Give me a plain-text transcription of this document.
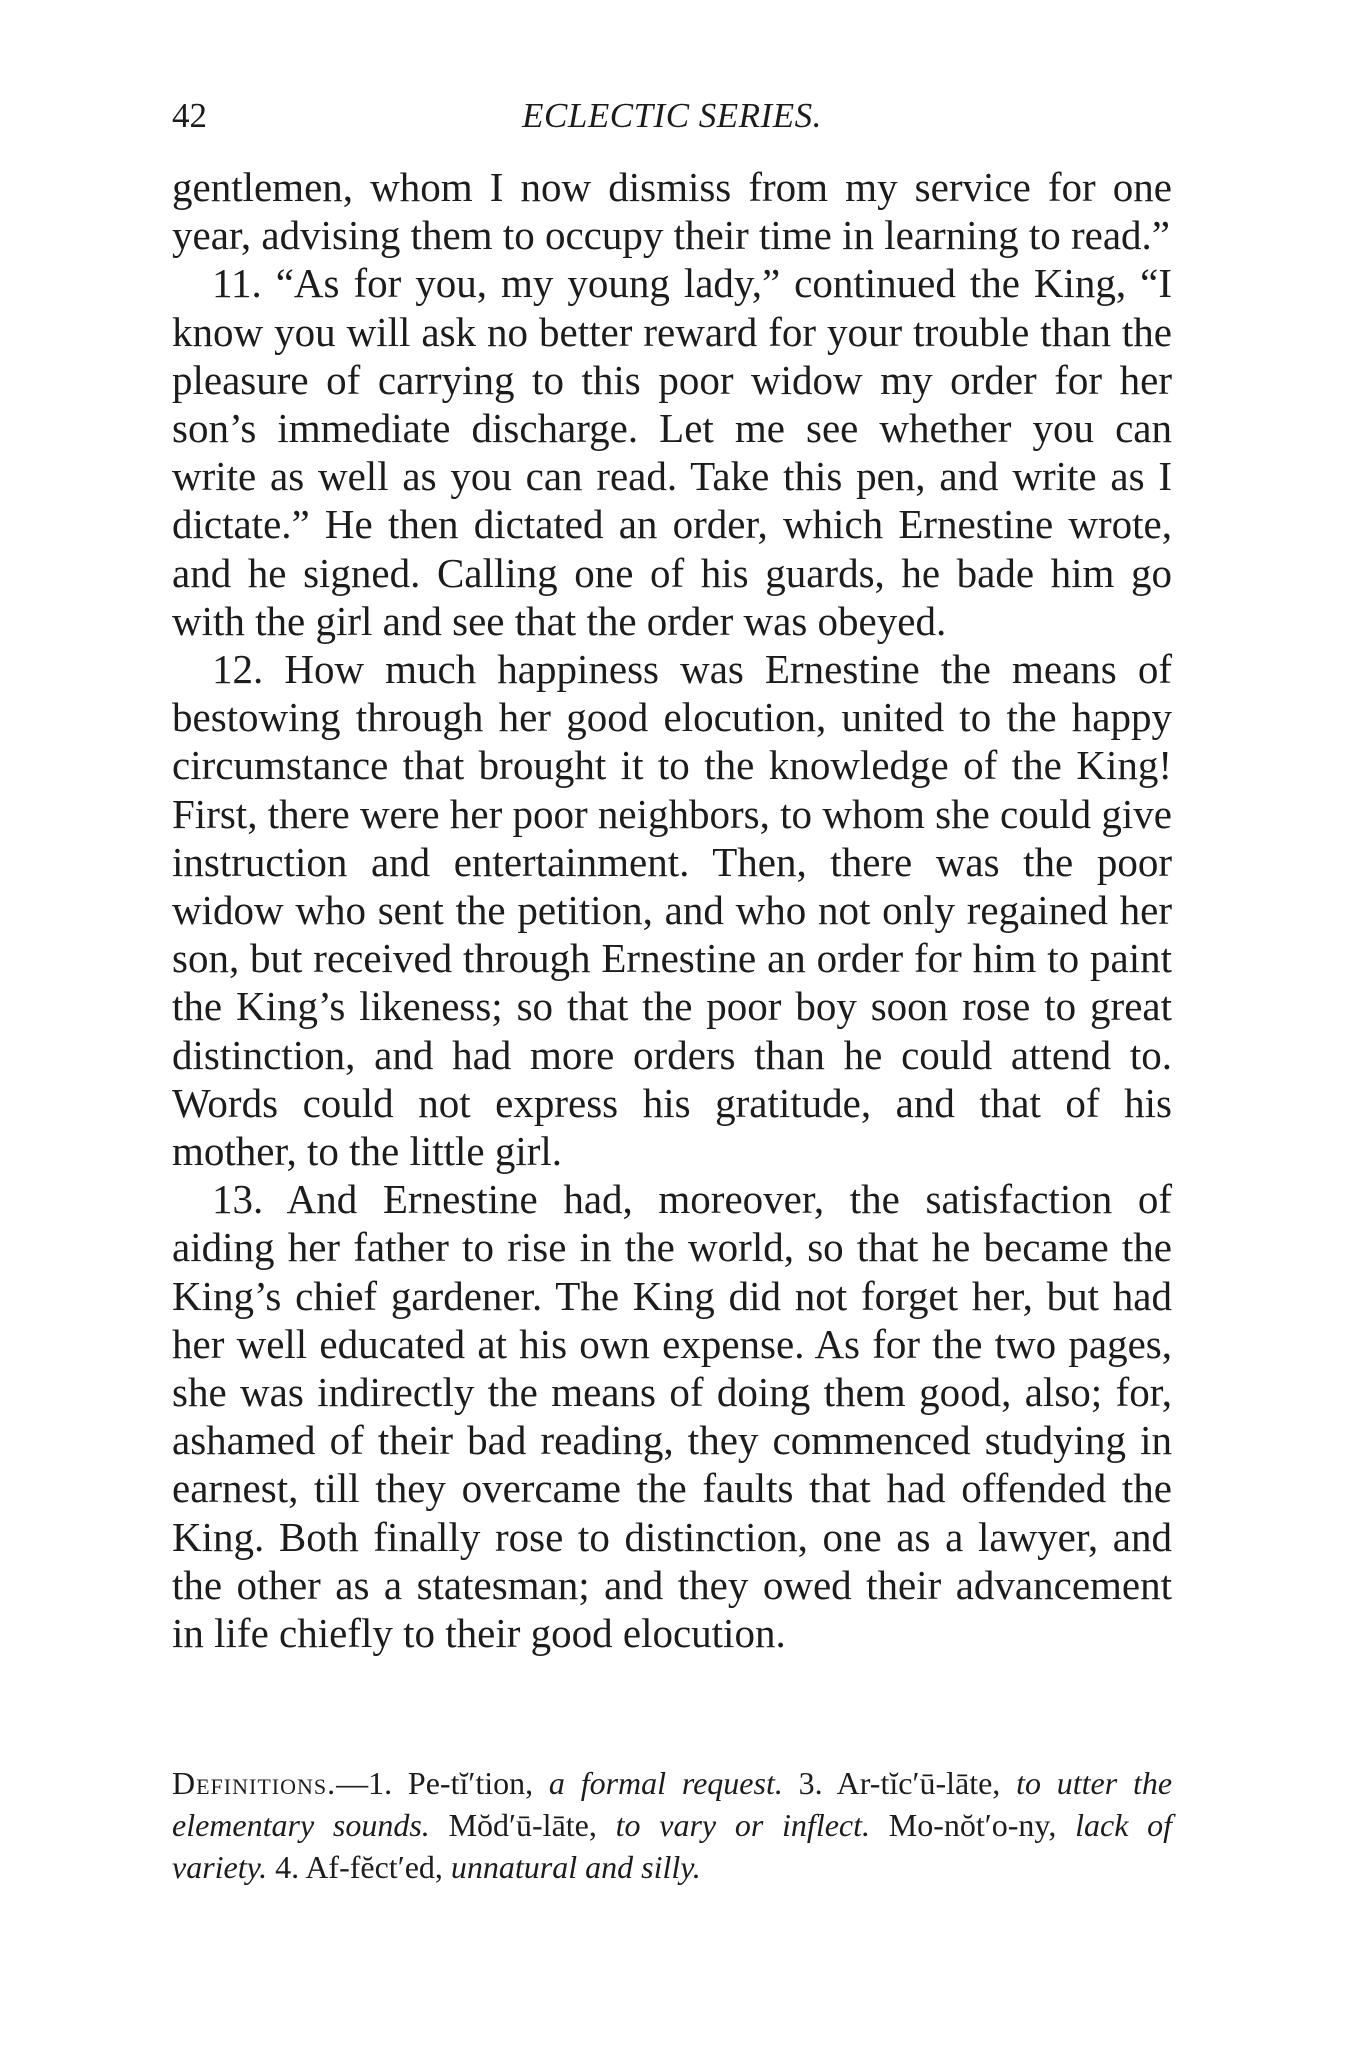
42	ECLECTIC SERIES.

gentlemen, whom I now dismiss from my service for one year, advising them to occupy their time in learning to read.”

11. “As for you, my young lady,” continued the King, “I know you will ask no better reward for your trouble than the pleasure of carrying to this poor widow my order for her son’s immediate discharge. Let me see whether you can write as well as you can read. Take this pen, and write as I dictate.” He then dictated an order, which Ernestine wrote, and he signed. Calling one of his guards, he bade him go with the girl and see that the order was obeyed.

12. How much happiness was Ernestine the means of bestowing through her good elocution, united to the happy circumstance that brought it to the knowledge of the King! First, there were her poor neighbors, to whom she could give instruction and entertainment. Then, there was the poor widow who sent the petition, and who not only regained her son, but received through Ernestine an order for him to paint the King’s likeness; so that the poor boy soon rose to great distinction, and had more orders than he could attend to. Words could not express his gratitude, and that of his mother, to the little girl.

13. And Ernestine had, moreover, the satisfaction of aiding her father to rise in the world, so that he became the King’s chief gardener. The King did not forget her, but had her well educated at his own expense. As for the two pages, she was indirectly the means of doing them good, also; for, ashamed of their bad reading, they commenced studying in earnest, till they overcame the faults that had offended the King. Both finally rose to distinction, one as a lawyer, and the other as a statesman; and they owed their advancement in life chiefly to their good elocution.

Definitions.—1. Pe-tĭ′tion, a formal request. 3. Ar-tĭc′ū-lāte, to utter the elementary sounds. Mŏd′ū-lāte, to vary or inflect. Mo-nŏt′o-ny, lack of variety. 4. Af-fĕct′ed, unnatural and silly.
